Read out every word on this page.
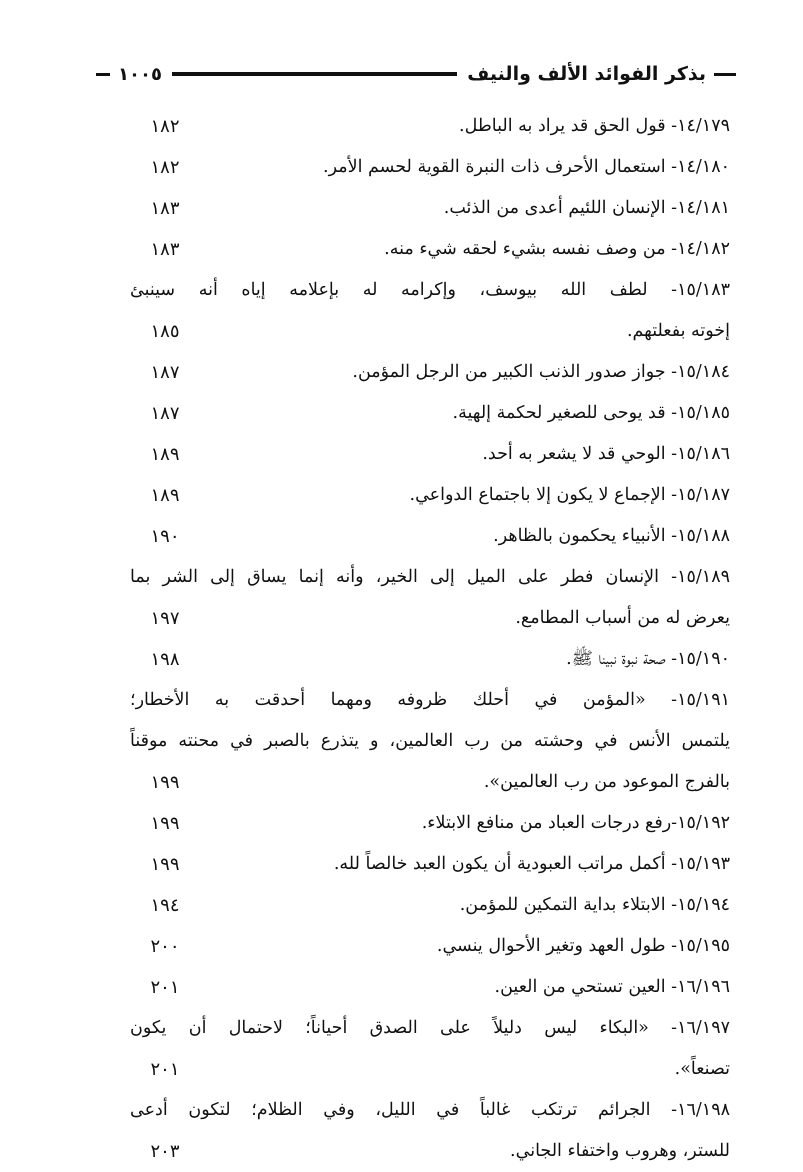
بذكر الفوائد الألف والنيف
١٠٠٥
١٤/١٧٩- قول الحق قد يراد به الباطل.
١٨٢
١٤/١٨٠- استعمال الأحرف ذات النبرة القوية لحسم الأمر.
١٨٢
١٤/١٨١- الإنسان اللئيم أعدى من الذئب.
١٨٣
١٤/١٨٢- من وصف نفسه بشيء لحقه شيء منه.
١٨٣
١٥/١٨٣- لطف الله بيوسف، وإكرامه له بإعلامه إياه أنه سينبئ
إخوته بفعلتهم.
١٨٥
١٥/١٨٤- جواز صدور الذنب الكبير من الرجل المؤمن.
١٨٧
١٥/١٨٥- قد يوحى للصغير لحكمة إلهية.
١٨٧
١٥/١٨٦- الوحي قد لا يشعر به أحد.
١٨٩
١٥/١٨٧- الإجماع لا يكون إلا باجتماع الدواعي.
١٨٩
١٥/١٨٨- الأنبياء يحكمون بالظاهر.
١٩٠
١٥/١٨٩- الإنسان فطر على الميل إلى الخير، وأنه إنما يساق إلى الشر بما
يعرض له من أسباب المطامع.
١٩٧
١٥/١٩٠- صحة نبوة نبينا ﷺ.
١٩٨
١٥/١٩١- «المؤمن في أحلك ظروفه ومهما أحدقت به الأخطار؛
يلتمس الأنس في وحشته من رب العالمين، و يتذرع بالصبر في محنته موقناً
بالفرج الموعود من رب العالمين».
١٩٩
١٥/١٩٢-رفع درجات العباد من منافع الابتلاء.
١٩٩
١٥/١٩٣- أكمل مراتب العبودية أن يكون العبد خالصاً لله.
١٩٩
١٥/١٩٤- الابتلاء بداية التمكين للمؤمن.
١٩٤
١٥/١٩٥- طول العهد وتغير الأحوال ينسي.
٢٠٠
١٦/١٩٦- العين تستحي من العين.
٢٠١
١٦/١٩٧- «البكاء ليس دليلاً على الصدق أحياناً؛ لاحتمال أن يكون
تصنعاً».
٢٠١
١٦/١٩٨- الجرائم ترتكب غالباً في الليل، وفي الظلام؛ لتكون أدعى
للستر، وهروب واختفاء الجاني.
٢٠٣
